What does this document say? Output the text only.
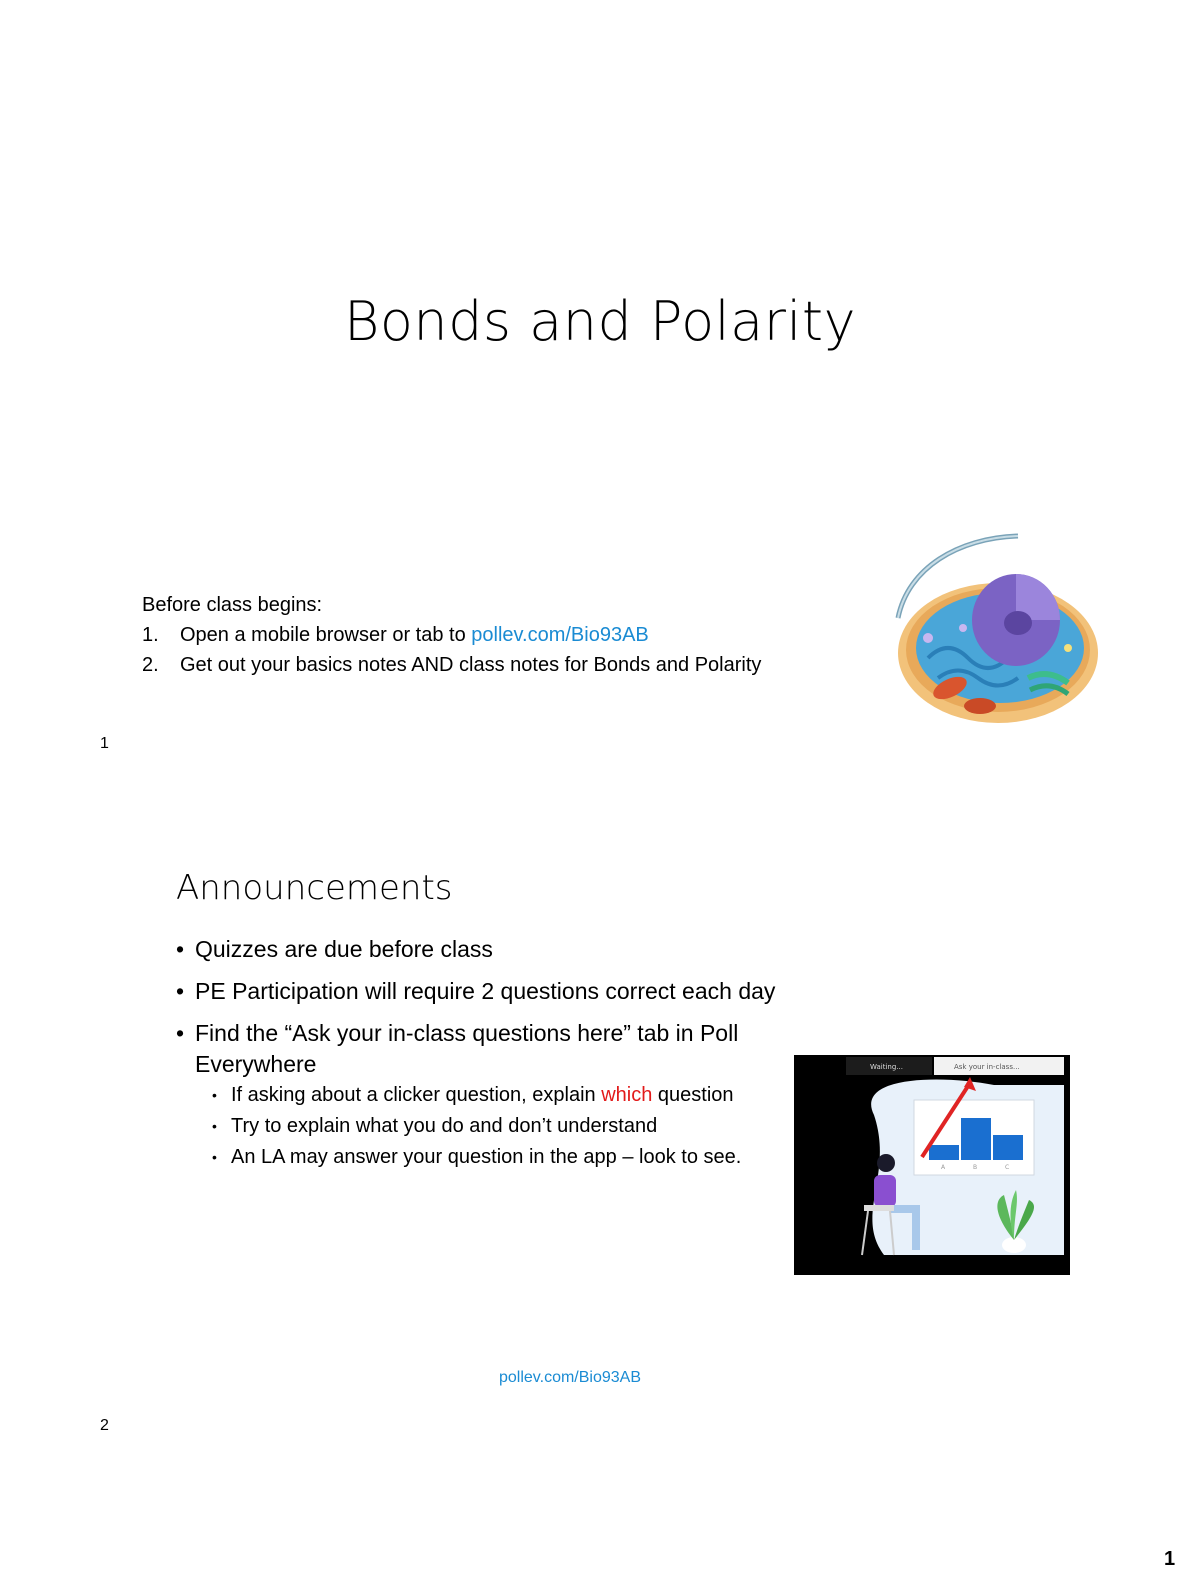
Bonds and Polarity
Before class begins:
1.	Open a mobile browser or tab to pollev.com/Bio93AB
2.	Get out your basics notes AND class notes for Bonds and Polarity
1
Announcements
• Quizzes are due before class
• PE Participation will require 2 questions correct each day
• Find the “Ask your in-class questions here” tab in Poll Everywhere
• If asking about a clicker question, explain which question
• Try to explain what you do and don’t understand
• An LA may answer your question in the app – look to see.
Waiting...	Ask your in-class...
A	B	C
pollev.com/Bio93AB
2
1
